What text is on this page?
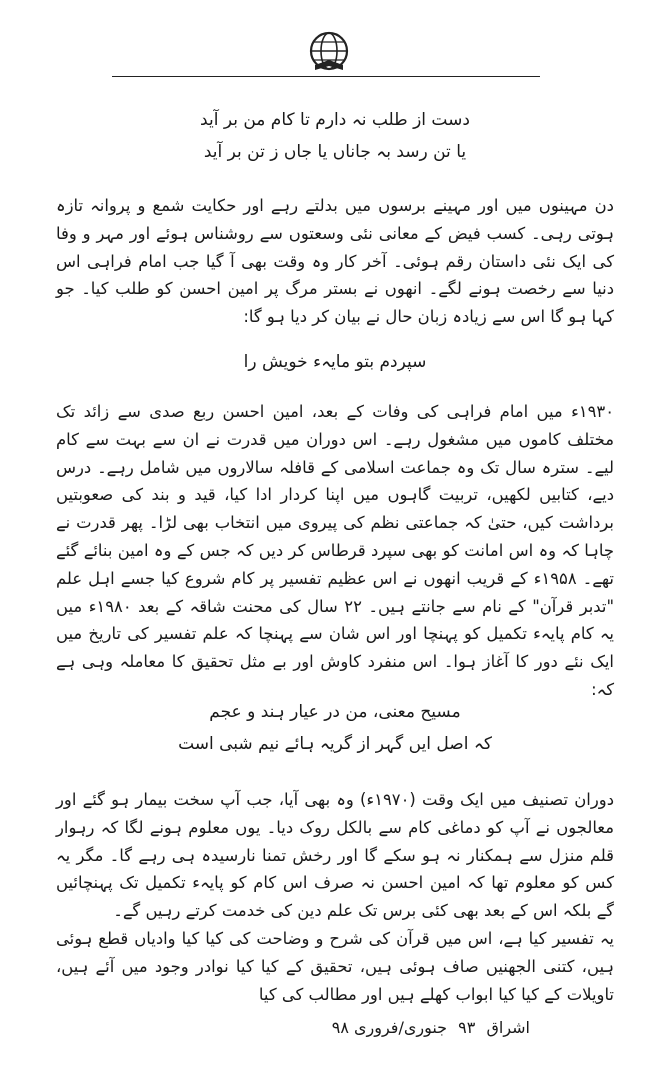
دست از طلب نہ دارم تا کام من بر آید
یا تن رسد بہ جاناں یا جاں ز تن بر آید

دن مہینوں میں اور مہینے برسوں میں بدلتے رہے اور حکایت شمع و پروانہ تازہ ہوتی رہی۔ کسب فیض کے معانی نئی وسعتوں سے روشناس ہوئے اور مہر و وفا کی ایک نئی داستان رقم ہوئی۔ آخر کار وہ وقت بھی آ گیا جب امام فراہی اس دنیا سے رخصت ہونے لگے۔ انھوں نے بستر مرگ پر امین احسن کو طلب کیا۔ جو کہا ہو گا اس سے زیادہ زبان حال نے بیان کر دیا ہو گا:

سپردم بتو مایہء خویش را

۱۹۳۰ء میں امام فراہی کی وفات کے بعد، امین احسن ربع صدی سے زائد تک مختلف کاموں میں مشغول رہے۔ اس دوران میں قدرت نے ان سے بہت سے کام لیے۔ سترہ سال تک وہ جماعت اسلامی کے قافلہ سالاروں میں شامل رہے۔ درس دیے، کتابیں لکھیں، تربیت گاہوں میں اپنا کردار ادا کیا، قید و بند کی صعوبتیں برداشت کیں، حتیٰ کہ جماعتی نظم کی پیروی میں انتخاب بھی لڑا۔ پھر قدرت نے چاہا کہ وہ اس امانت کو بھی سپرد قرطاس کر دیں کہ جس کے وہ امین بنائے گئے تھے۔ ۱۹۵۸ء کے قریب انھوں نے اس عظیم تفسیر پر کام شروع کیا جسے اہل علم "تدبر قرآن" کے نام سے جانتے ہیں۔ ۲۲ سال کی محنت شاقہ کے بعد ۱۹۸۰ء میں یہ کام پایہء تکمیل کو پہنچا اور اس شان سے پہنچا کہ علم تفسیر کی تاریخ میں ایک نئے دور کا آغاز ہوا۔ اس منفرد کاوش اور بے مثل تحقیق کا معاملہ وہی ہے کہ:

مسیح معنی، من در عیار ہند و عجم
کہ اصل ایں گہر از گریہ ہائے نیم شبی است

دوران تصنیف میں ایک وقت (۱۹۷۰ء) وہ بھی آیا، جب آپ سخت بیمار ہو گئے اور معالجوں نے آپ کو دماغی کام سے بالکل روک دیا۔ یوں معلوم ہونے لگا کہ رہوار قلم منزل سے ہمکنار نہ ہو سکے گا اور رخش تمنا نارسیدہ ہی رہے گا۔ مگر یہ کس کو معلوم تھا کہ امین احسن نہ صرف اس کام کو پایہء تکمیل تک پہنچائیں گے بلکہ اس کے بعد بھی کئی برس تک علم دین کی خدمت کرتے رہیں گے۔

یہ تفسیر کیا ہے، اس میں قرآن کی شرح و وضاحت کی کیا کیا وادیاں قطع ہوئی ہیں، کتنی الجھنیں صاف ہوئی ہیں، تحقیق کے کیا کیا نوادر وجود میں آئے ہیں، تاویلات کے کیا کیا ابواب کھلے ہیں اور مطالب کی کیا

اشراق ۹۳ جنوری/فروری ۹۸
